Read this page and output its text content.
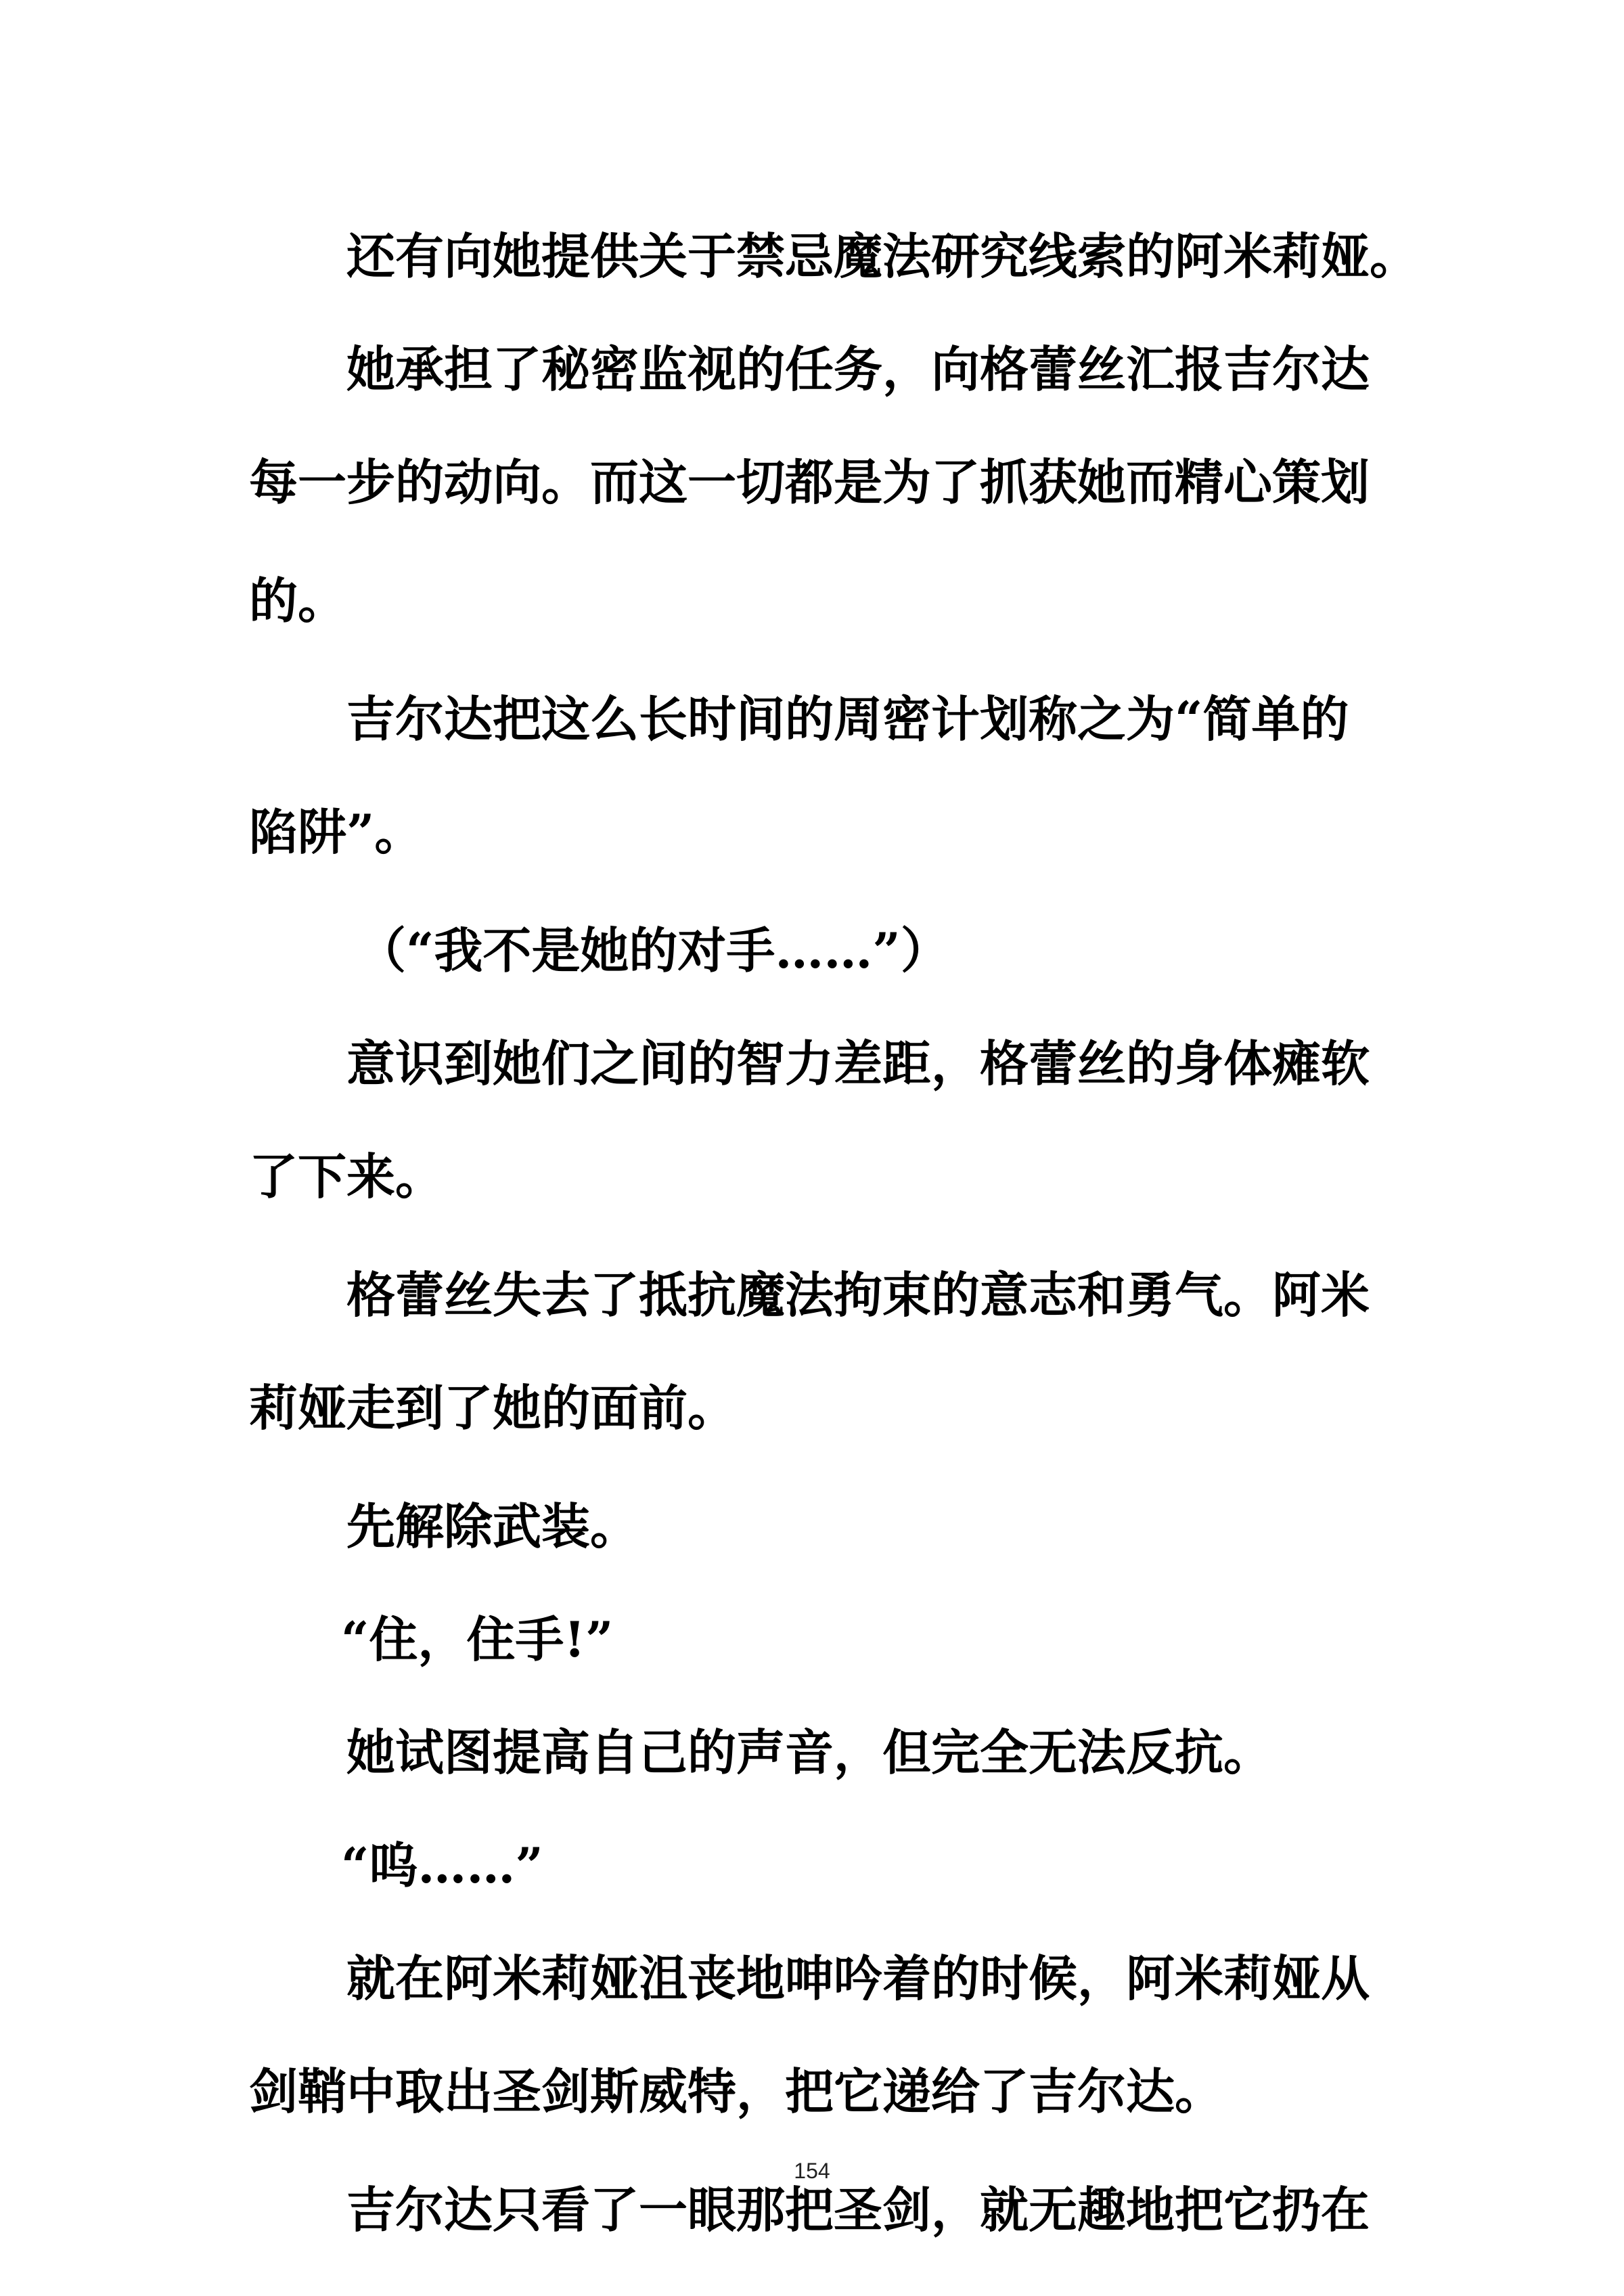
还有向她提供关于禁忌魔法研究线索的阿米莉娅。
她承担了秘密监视的任务，向格蕾丝汇报吉尔达
每一步的动向。而这一切都是为了抓获她而精心策划
的。
吉尔达把这么长时间的周密计划称之为“简单的
陷阱”。
（“我不是她的对手……”）
意识到她们之间的智力差距，格蕾丝的身体瘫软
了下来。
格蕾丝失去了抵抗魔法拘束的意志和勇气。阿米
莉娅走到了她的面前。
先解除武装。
“住，住手!”
她试图提高自己的声音，但完全无法反抗。
“呜……”
就在阿米莉娅沮丧地呻吟着的时候，阿米莉娅从
剑鞘中取出圣剑斯威特，把它递给了吉尔达。
吉尔达只看了一眼那把圣剑，就无趣地把它扔在
154
